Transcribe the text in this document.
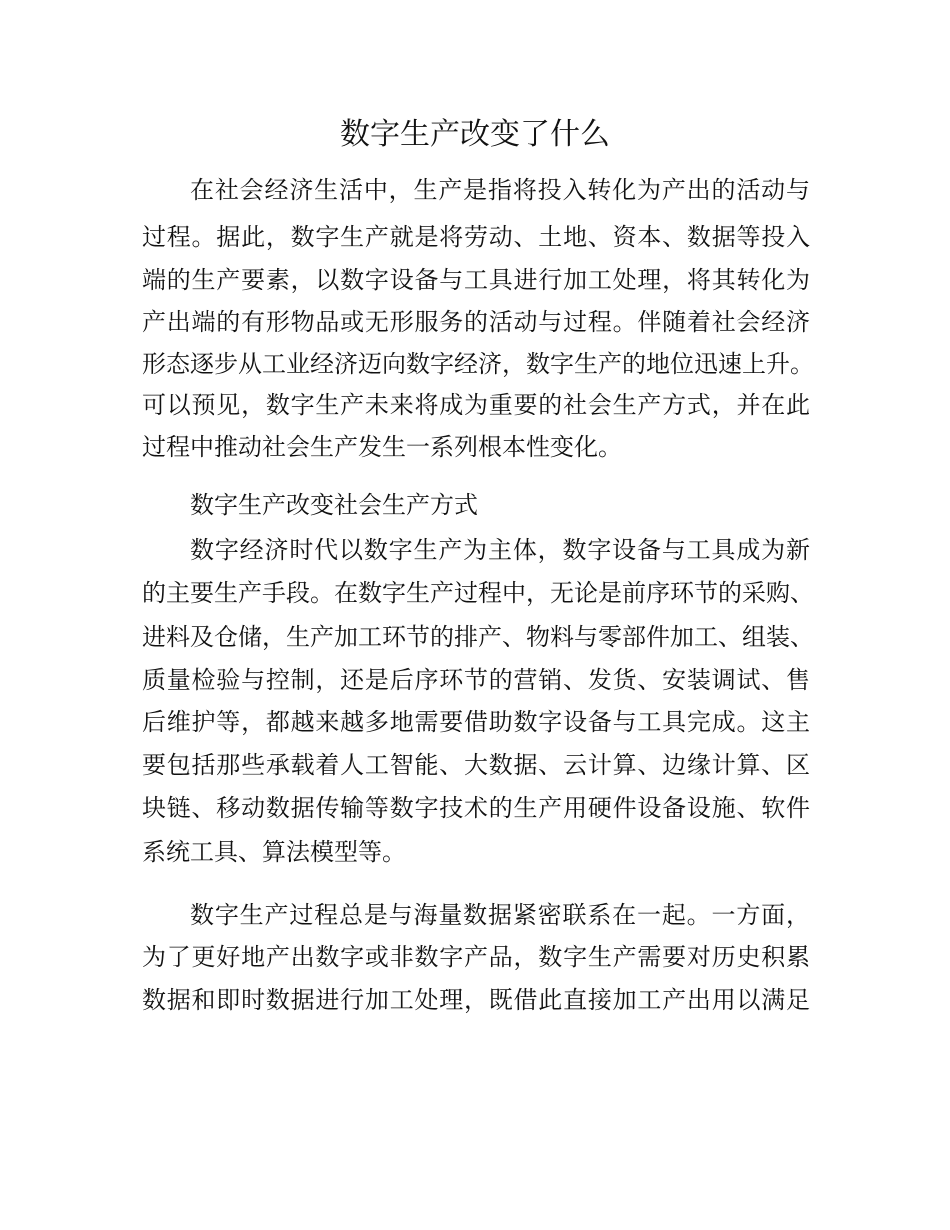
数字生产改变了什么
在社会经济生活中，生产是指将投入转化为产出的活动与
过程。据此，数字生产就是将劳动、土地、资本、数据等投入
端的生产要素，以数字设备与工具进行加工处理，将其转化为
产出端的有形物品或无形服务的活动与过程。伴随着社会经济
形态逐步从工业经济迈向数字经济，数字生产的地位迅速上升。
可以预见，数字生产未来将成为重要的社会生产方式，并在此
过程中推动社会生产发生一系列根本性变化。
数字生产改变社会生产方式
数字经济时代以数字生产为主体，数字设备与工具成为新
的主要生产手段。在数字生产过程中，无论是前序环节的采购、
进料及仓储，生产加工环节的排产、物料与零部件加工、组装、
质量检验与控制，还是后序环节的营销、发货、安装调试、售
后维护等，都越来越多地需要借助数字设备与工具完成。这主
要包括那些承载着人工智能、大数据、云计算、边缘计算、区
块链、移动数据传输等数字技术的生产用硬件设备设施、软件
系统工具、算法模型等。
数字生产过程总是与海量数据紧密联系在一起。一方面，
为了更好地产出数字或非数字产品，数字生产需要对历史积累
数据和即时数据进行加工处理，既借此直接加工产出用以满足
